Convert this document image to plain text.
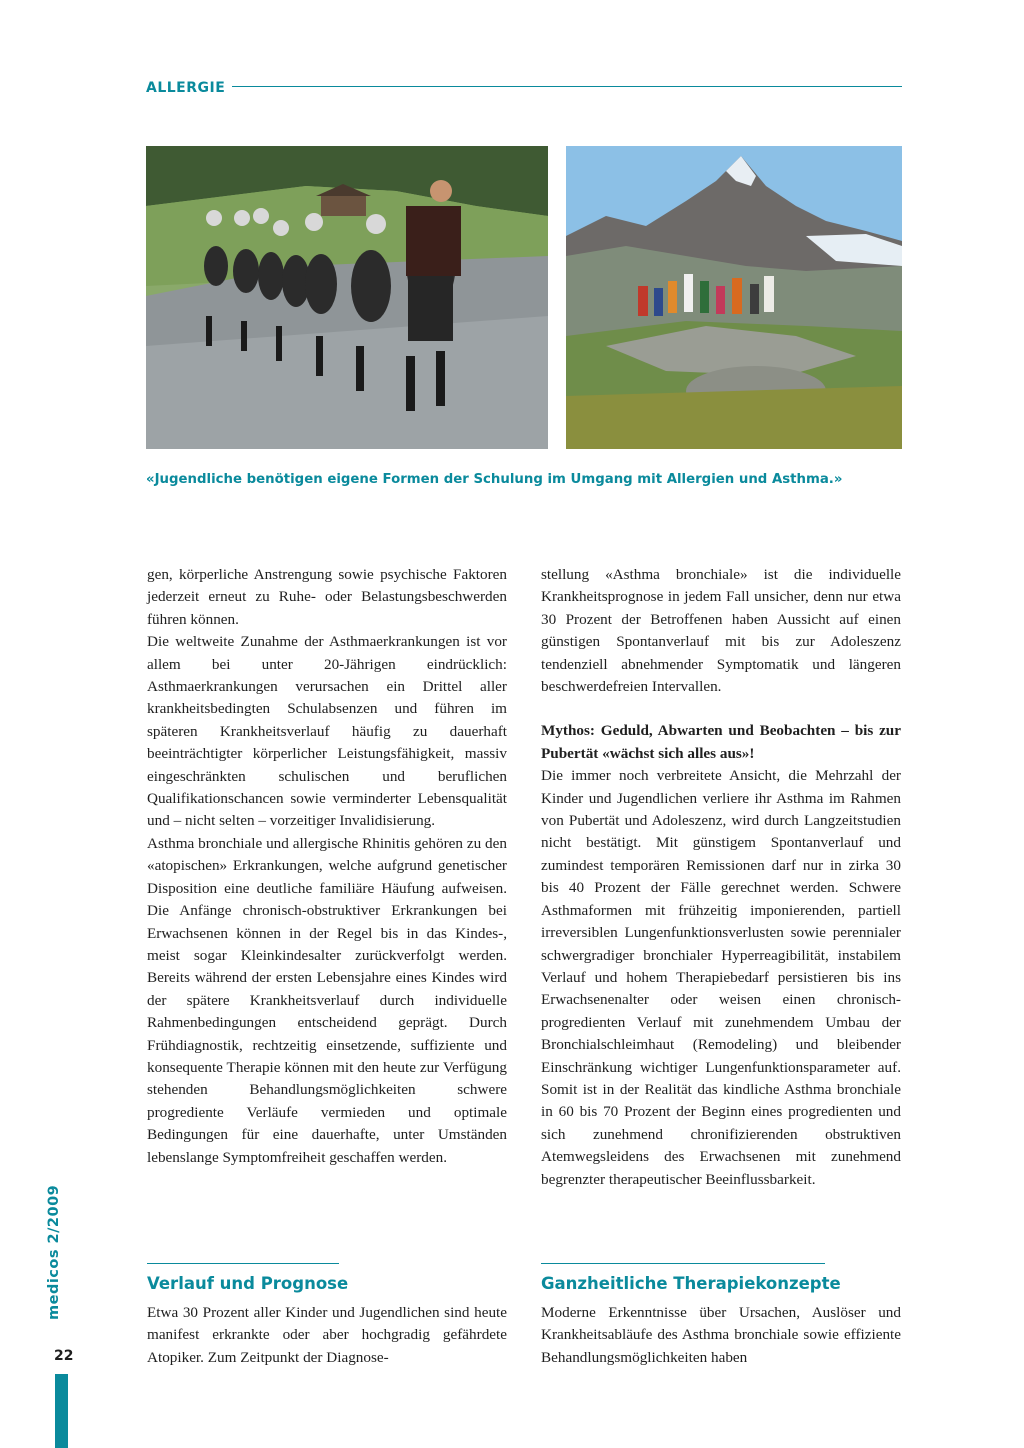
ALLERGIE
«Jugendliche benötigen eigene Formen der Schulung im Umgang mit Allergien und Asthma.»

gen, körperliche Anstrengung sowie psychische Faktoren jederzeit erneut zu Ruhe- oder Belastungsbeschwerden führen können.

Die weltweite Zunahme der Asthmaerkrankungen ist vor allem bei unter 20-Jährigen eindrücklich: Asthmaerkrankungen verursachen ein Drittel aller krankheitsbedingten Schulabsenzen und führen im späteren Krankheitsverlauf häufig zu dauerhaft beeinträchtigter körperlicher Leistungsfähigkeit, massiv eingeschränkten schulischen und beruflichen Qualifikationschancen sowie verminderter Lebensqualität und – nicht selten – vorzeitiger Invalidisierung.

Asthma bronchiale und allergische Rhinitis gehören zu den «atopischen» Erkrankungen, welche aufgrund genetischer Disposition eine deutliche familiäre Häufung aufweisen. Die Anfänge chronisch-obstruktiver Erkrankungen bei Erwachsenen können in der Regel bis in das Kindes-, meist sogar Kleinkindesalter zurückverfolgt werden. Bereits während der ersten Lebensjahre eines Kindes wird der spätere Krankheitsverlauf durch individuelle Rahmenbedingungen entscheidend geprägt. Durch Frühdiagnostik, rechtzeitig einsetzende, suffiziente und konsequente Therapie können mit den heute zur Verfügung stehenden Behandlungsmöglichkeiten schwere progrediente Verläufe vermieden und optimale Bedingungen für eine dauerhafte, unter Umständen lebenslange Symptomfreiheit geschaffen werden.

stellung «Asthma bronchiale» ist die individuelle Krankheitsprognose in jedem Fall unsicher, denn nur etwa 30 Prozent der Betroffenen haben Aussicht auf einen günstigen Spontanverlauf mit bis zur Adoleszenz tendenziell abnehmender Symptomatik und längeren beschwerdefreien Intervallen.

Mythos: Geduld, Abwarten und Beobachten – bis zur Pubertät «wächst sich alles aus»!

Die immer noch verbreitete Ansicht, die Mehrzahl der Kinder und Jugendlichen verliere ihr Asthma im Rahmen von Pubertät und Adoleszenz, wird durch Langzeitstudien nicht bestätigt. Mit günstigem Spontanverlauf und zumindest temporären Remissionen darf nur in zirka 30 bis 40 Prozent der Fälle gerechnet werden. Schwere Asthmaformen mit frühzeitig imponierenden, partiell irreversiblen Lungenfunktionsverlusten sowie perennialer schwergradiger bronchialer Hyperreagibilität, instabilem Verlauf und hohem Therapiebedarf persistieren bis ins Erwachsenenalter oder weisen einen chronisch-progredienten Verlauf mit zunehmendem Umbau der Bronchialschleimhaut (Remodeling) und bleibender Einschränkung wichtiger Lungenfunktionsparameter auf. Somit ist in der Realität das kindliche Asthma bronchiale in 60 bis 70 Prozent der Beginn eines progredienten und sich zunehmend chronifizierenden obstruktiven Atemwegsleidens des Erwachsenen mit zunehmend begrenzter therapeutischer Beeinflussbarkeit.

Verlauf und Prognose	Ganzheitliche Therapiekonzepte

Etwa 30 Prozent aller Kinder und Jugendlichen sind heute manifest erkrankte oder aber hochgradig gefährdete Atopiker. Zum Zeitpunkt der Diagnose-

Moderne Erkenntnisse über Ursachen, Auslöser und Krankheitsabläufe des Asthma bronchiale sowie effiziente Behandlungsmöglichkeiten haben

medicos 2/2009
22
